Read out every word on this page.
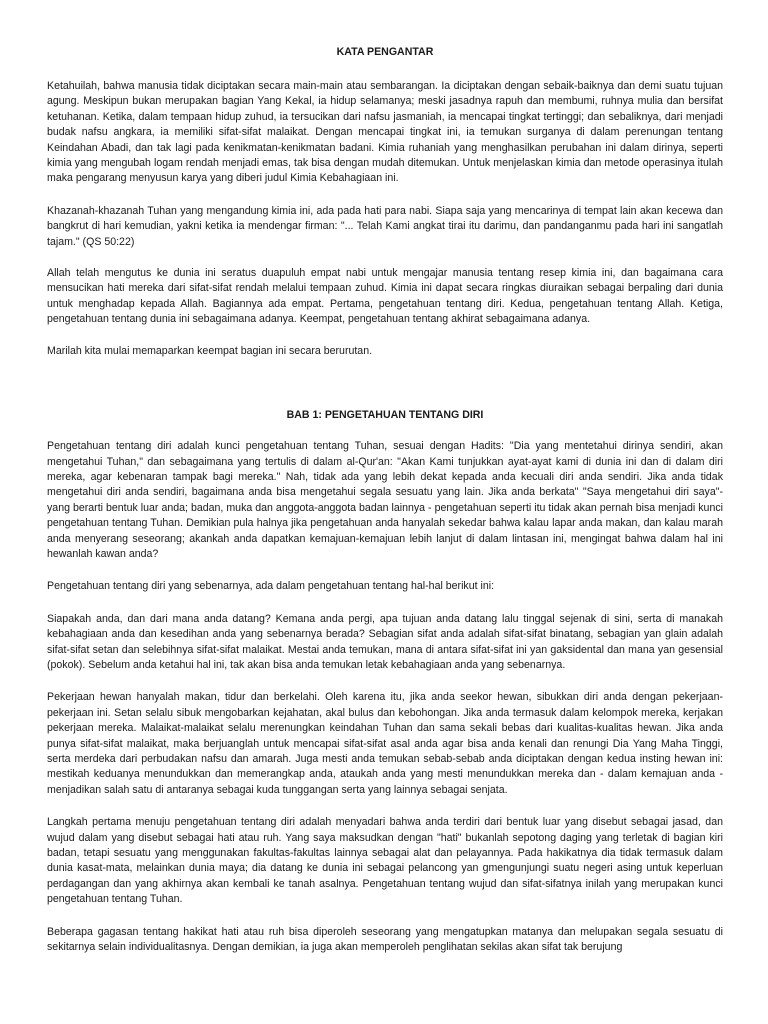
KATA PENGANTAR

Ketahuilah, bahwa manusia tidak diciptakan secara main-main atau sembarangan. Ia diciptakan dengan sebaik-baiknya dan demi suatu tujuan agung. Meskipun bukan merupakan bagian Yang Kekal, ia hidup selamanya; meski jasadnya rapuh dan membumi, ruhnya mulia dan bersifat ketuhanan. Ketika, dalam tempaan hidup zuhud, ia tersucikan dari nafsu jasmaniah, ia mencapai tingkat tertinggi; dan sebaliknya, dari menjadi budak nafsu angkara, ia memiliki sifat-sifat malaikat. Dengan mencapai tingkat ini, ia temukan surganya di dalam perenungan tentang Keindahan Abadi, dan tak lagi pada kenikmatan-kenikmatan badani. Kimia ruhaniah yang menghasilkan perubahan ini dalam dirinya, seperti kimia yang mengubah logam rendah menjadi emas, tak bisa dengan mudah ditemukan. Untuk menjelaskan kimia dan metode operasinya itulah maka pengarang menyusun karya yang diberi judul Kimia Kebahagiaan ini.

Khazanah-khazanah Tuhan yang mengandung kimia ini, ada pada hati para nabi. Siapa saja yang mencarinya di tempat lain akan kecewa dan bangkrut di hari kemudian, yakni ketika ia mendengar firman: "... Telah Kami angkat tirai itu darimu, dan pandanganmu pada hari ini sangatlah tajam." (QS 50:22)

Allah telah mengutus ke dunia ini seratus duapuluh empat nabi untuk mengajar manusia tentang resep kimia ini, dan bagaimana cara mensucikan hati mereka dari sifat-sifat rendah melalui tempaan zuhud. Kimia ini dapat secara ringkas diuraikan sebagai berpaling dari dunia untuk menghadap kepada Allah. Bagiannya ada empat. Pertama, pengetahuan tentang diri. Kedua, pengetahuan tentang Allah. Ketiga, pengetahuan tentang dunia ini sebagaimana adanya. Keempat, pengetahuan tentang akhirat sebagaimana adanya.

Marilah kita mulai memaparkan keempat bagian ini secara berurutan.

BAB 1: PENGETAHUAN TENTANG DIRI

Pengetahuan tentang diri adalah kunci pengetahuan tentang Tuhan, sesuai dengan Hadits: "Dia yang mentetahui dirinya sendiri, akan mengetahui Tuhan," dan sebagaimana yang tertulis di dalam al-Qur'an: "Akan Kami tunjukkan ayat-ayat kami di dunia ini dan di dalam diri mereka, agar kebenaran tampak bagi mereka." Nah, tidak ada yang lebih dekat kepada anda kecuali diri anda sendiri. Jika anda tidak mengetahui diri anda sendiri, bagaimana anda bisa mengetahui segala sesuatu yang lain. Jika anda berkata" "Saya mengetahui diri saya"- yang berarti bentuk luar anda; badan, muka dan anggota-anggota badan lainnya - pengetahuan seperti itu tidak akan pernah bisa menjadi kunci pengetahuan tentang Tuhan. Demikian pula halnya jika pengetahuan anda hanyalah sekedar bahwa kalau lapar anda makan, dan kalau marah anda menyerang seseorang; akankah anda dapatkan kemajuan-kemajuan lebih lanjut di dalam lintasan ini, mengingat bahwa dalam hal ini hewanlah kawan anda?

Pengetahuan tentang diri yang sebenarnya, ada dalam pengetahuan tentang hal-hal berikut ini:

Siapakah anda, dan dari mana anda datang? Kemana anda pergi, apa tujuan anda datang lalu tinggal sejenak di sini, serta di manakah kebahagiaan anda dan kesedihan anda yang sebenarnya berada? Sebagian sifat anda adalah sifat-sifat binatang, sebagian yan glain adalah sifat-sifat setan dan selebihnya sifat-sifat malaikat. Mestai anda temukan, mana di antara sifat-sifat ini yan gaksidental dan mana yan gesensial (pokok). Sebelum anda ketahui hal ini, tak akan bisa anda temukan letak kebahagiaan anda yang sebenarnya.

Pekerjaan hewan hanyalah makan, tidur dan berkelahi. Oleh karena itu, jika anda seekor hewan, sibukkan diri anda dengan pekerjaan-pekerjaan ini. Setan selalu sibuk mengobarkan kejahatan, akal bulus dan kebohongan. Jika anda termasuk dalam kelompok mereka, kerjakan pekerjaan mereka. Malaikat-malaikat selalu merenungkan keindahan Tuhan dan sama sekali bebas dari kualitas-kualitas hewan. Jika anda punya sifat-sifat malaikat, maka berjuanglah untuk mencapai sifat-sifat asal anda agar bisa anda kenali dan renungi Dia Yang Maha Tinggi, serta merdeka dari perbudakan nafsu dan amarah. Juga mesti anda temukan sebab-sebab anda diciptakan dengan kedua insting hewan ini: mestikah keduanya menundukkan dan memerangkap anda, ataukah anda yang mesti menundukkan mereka dan - dalam kemajuan anda - menjadikan salah satu di antaranya sebagai kuda tunggangan serta yang lainnya sebagai senjata.

Langkah pertama menuju pengetahuan tentang diri adalah menyadari bahwa anda terdiri dari bentuk luar yang disebut sebagai jasad, dan wujud dalam yang disebut sebagai hati atau ruh. Yang saya maksudkan dengan "hati" bukanlah sepotong daging yang terletak di bagian kiri badan, tetapi sesuatu yang menggunakan fakultas-fakultas lainnya sebagai alat dan pelayannya. Pada hakikatnya dia tidak termasuk dalam dunia kasat-mata, melainkan dunia maya; dia datang ke dunia ini sebagai pelancong yan gmengunjungi suatu negeri asing untuk keperluan perdagangan dan yang akhirnya akan kembali ke tanah asalnya. Pengetahuan tentang wujud dan sifat-sifatnya inilah yang merupakan kunci pengetahuan tentang Tuhan.

Beberapa gagasan tentang hakikat hati atau ruh bisa diperoleh seseorang yang mengatupkan matanya dan melupakan segala sesuatu di sekitarnya selain individualitasnya. Dengan demikian, ia juga akan memperoleh penglihatan sekilas akan sifat tak berujung
